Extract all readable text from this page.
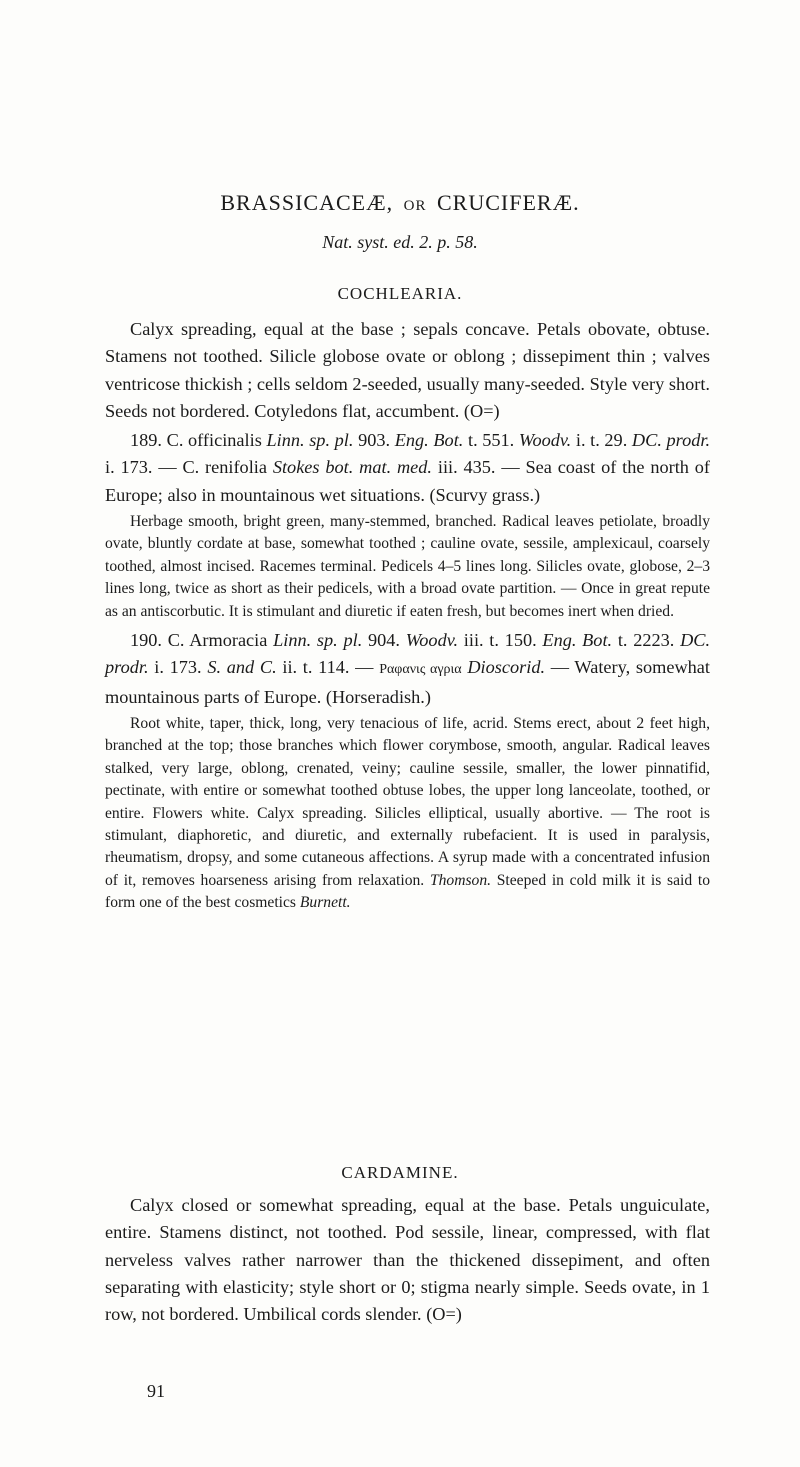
BRASSICACEÆ, OR CRUCIFERÆ.
Nat. syst. ed. 2. p. 58.
COCHLEARIA.

Calyx spreading, equal at the base ; sepals concave. Petals obovate, obtuse. Stamens not toothed. Silicle globose ovate or oblong ; dissepiment thin ; valves ventricose thickish ; cells seldom 2-seeded, usually many-seeded. Style very short. Seeds not bordered. Cotyledons flat, accumbent. (O=)

189. C. officinalis Linn. sp. pl. 903. Eng. Bot. t. 551. Woodv. i. t. 29. DC. prodr. i. 173. — C. renifolia Stokes bot. mat. med. iii. 435. — Sea coast of the north of Europe; also in mountainous wet situations. (Scurvy grass.)

Herbage smooth, bright green, many-stemmed, branched. Radical leaves petiolate, broadly ovate, bluntly cordate at base, somewhat toothed ; cauline ovate, sessile, amplexicaul, coarsely toothed, almost incised. Racemes terminal. Pedicels 4–5 lines long. Silicles ovate, globose, 2–3 lines long, twice as short as their pedicels, with a broad ovate partition. — Once in great repute as an antiscorbutic. It is stimulant and diuretic if eaten fresh, but becomes inert when dried.

190. C. Armoracia Linn. sp. pl. 904. Woodv. iii. t. 150. Eng. Bot. t. 2223. DC. prodr. i. 173. S. and C. ii. t. 114. — Ραφανις αγρια Dioscorid. — Watery, somewhat mountainous parts of Europe. (Horseradish.)

Root white, taper, thick, long, very tenacious of life, acrid. Stems erect, about 2 feet high, branched at the top; those branches which flower corymbose, smooth, angular. Radical leaves stalked, very large, oblong, crenated, veiny; cauline sessile, smaller, the lower pinnatifid, pectinate, with entire or somewhat toothed obtuse lobes, the upper long lanceolate, toothed, or entire. Flowers white. Calyx spreading. Silicles elliptical, usually abortive. — The root is stimulant, diaphoretic, and diuretic, and externally rubefacient. It is used in paralysis, rheumatism, dropsy, and some cutaneous affections. A syrup made with a concentrated infusion of it, removes hoarseness arising from relaxation. Thomson. Steeped in cold milk it is said to form one of the best cosmetics Burnett.

CARDAMINE.

Calyx closed or somewhat spreading, equal at the base. Petals unguiculate, entire. Stamens distinct, not toothed. Pod sessile, linear, compressed, with flat nerveless valves rather narrower than the thickened dissepiment, and often separating with elasticity; style short or 0; stigma nearly simple. Seeds ovate, in 1 row, not bordered. Umbilical cords slender. (O=)

91
